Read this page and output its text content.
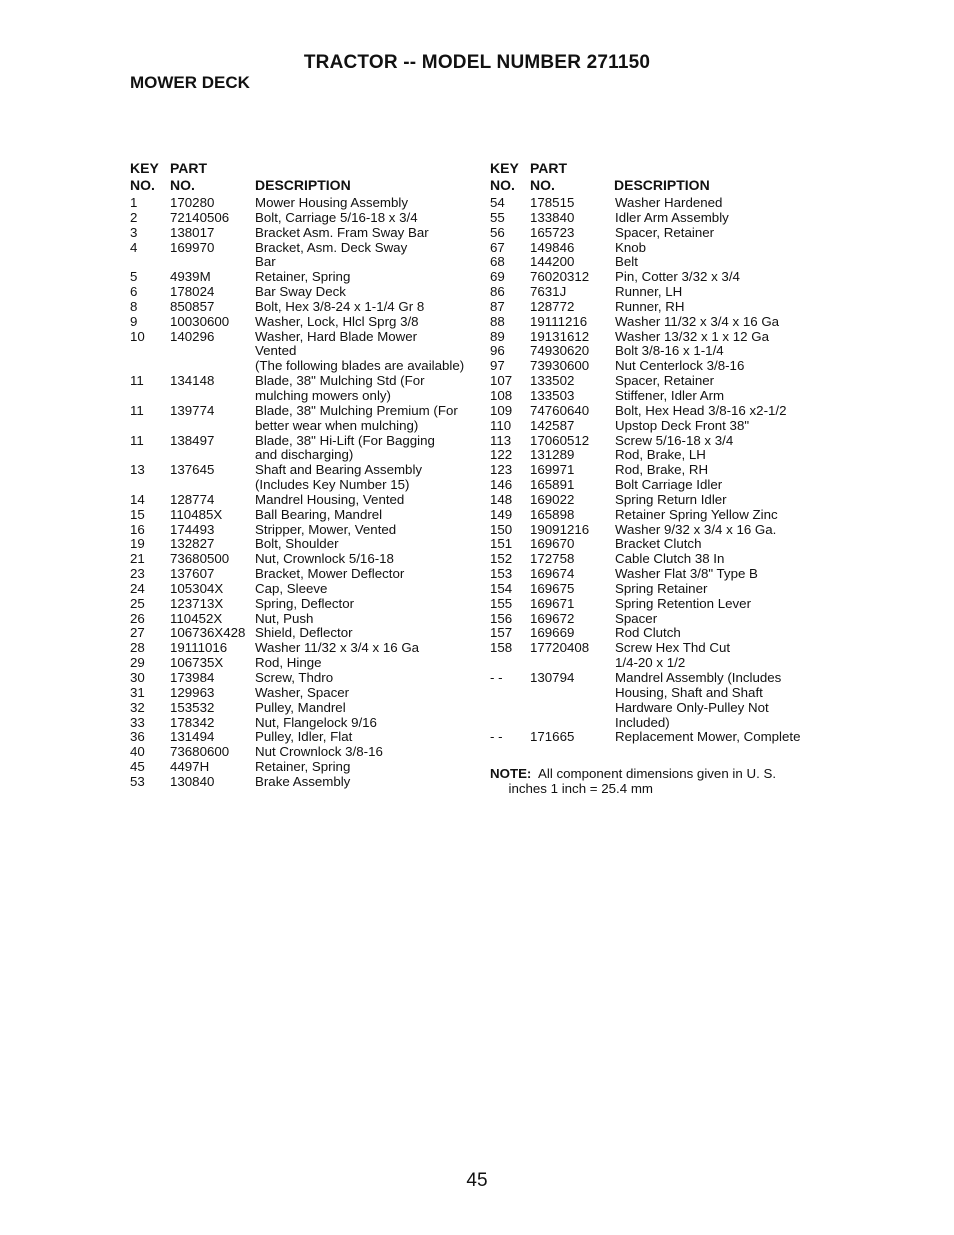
TRACTOR -- MODEL NUMBER 271150
MOWER DECK
KEY
NO.
PART
NO.	DESCRIPTION
1	170280	Mower Housing Assembly
2	72140506	Bolt, Carriage 5/16-18 x 3/4
3	138017	Bracket Asm. Fram Sway Bar
4	169970	Bracket, Asm. Deck Sway
Bar
5	4939M	Retainer, Spring
6	178024	Bar Sway Deck
8	850857	Bolt, Hex 3/8-24 x 1-1/4 Gr 8
9	10030600	Washer, Lock, Hlcl Sprg 3/8
10	140296	Washer, Hard Blade Mower
Vented
(The following blades are available)
11	134148	Blade, 38" Mulching Std (For
mulching mowers only)
11	139774	Blade, 38" Mulching Premium (For
better wear when mulching)
11	138497	Blade, 38" Hi-Lift (For Bagging
and discharging)
13	137645	Shaft and Bearing Assembly
(Includes Key Number 15)
14	128774	Mandrel Housing, Vented
15	110485X	Ball Bearing, Mandrel
16	174493	Stripper, Mower, Vented
19	132827	Bolt, Shoulder
21	73680500	Nut, Crownlock 5/16-18
23	137607	Bracket, Mower Deflector
24	105304X	Cap, Sleeve
25	123713X	Spring, Deflector
26	110452X	Nut, Push
27	106736X428 Shield, Deflector
28	19111016	Washer 11/32 x 3/4 x 16 Ga
29	106735X	Rod, Hinge
30	173984	Screw, Thdro
31	129963	Washer, Spacer
32	153532	Pulley, Mandrel
33	178342	Nut, Flangelock 9/16
36	131494	Pulley, Idler, Flat
40	73680600	Nut Crownlock 3/8-16
45	4497H	Retainer, Spring
53	130840	Brake Assembly
KEY
NO.
PART
NO.	DESCRIPTION
54	178515	Washer Hardened
55	133840	Idler Arm Assembly
56	165723	Spacer, Retainer
67	149846	Knob
68	144200	Belt
69	76020312	Pin, Cotter 3/32 x 3/4
86	7631J	Runner, LH
87	128772	Runner, RH
88	19111216	Washer 11/32 x 3/4 x 16 Ga
89	19131612	Washer 13/32 x 1 x 12 Ga
96	74930620	Bolt 3/8-16 x 1-1/4
97	73930600	Nut Centerlock 3/8-16
107	133502	Spacer, Retainer
108	133503	Stiffener, Idler Arm
109	74760640	Bolt, Hex Head 3/8-16 x2-1/2
110	142587	Upstop Deck Front 38"
113	17060512	Screw 5/16-18 x 3/4
122	131289	Rod, Brake, LH
123	169971	Rod, Brake, RH
146	165891	Bolt Carriage Idler
148	169022	Spring Return Idler
149	165898	Retainer Spring Yellow Zinc
150	19091216	Washer 9/32 x 3/4 x 16 Ga.
151	169670	Bracket Clutch
152	172758	Cable Clutch 38 In
153	169674	Washer Flat 3/8" Type B
154	169675	Spring Retainer
155	169671	Spring Retention Lever
156	169672	Spacer
157	169669	Rod Clutch
158	17720408	Screw Hex Thd Cut
1/4-20 x 1/2
- -	130794	Mandrel Assembly (Includes
Housing, Shaft and Shaft
Hardware Only-Pulley Not
Included)
- -	171665	Replacement Mower, Complete
NOTE:  All component dimensions given in U. S.
inches 1 inch = 25.4 mm
45
